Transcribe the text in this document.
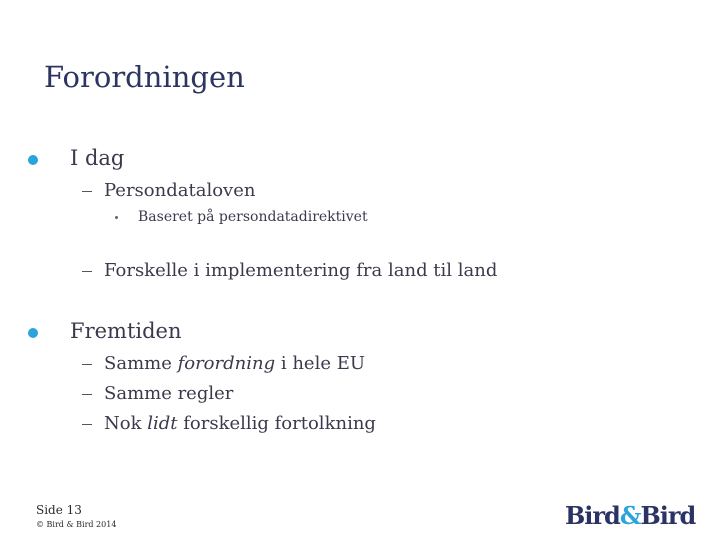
Forordningen
I dag
Persondataloven
Baseret på persondatadirektivet
Forskelle i implementering fra land til land
Fremtiden
Samme forordning i hele EU
Samme regler
Nok lidt forskellig fortolkning
Side 13
© Bird & Bird 2014	Bird&Bird
